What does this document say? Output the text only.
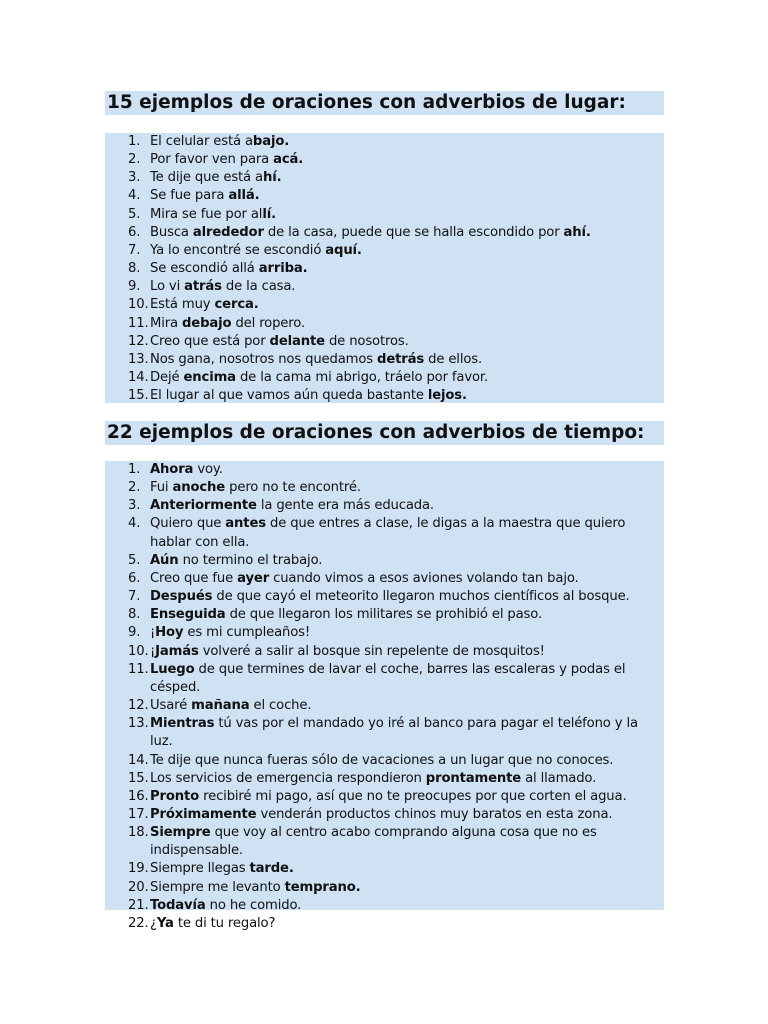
15 ejemplos de oraciones con adverbios de lugar:
1. El celular está abajo.
2. Por favor ven para acá.
3. Te dije que está ahí.
4. Se fue para allá.
5. Mira se fue por allí.
6. Busca alrededor de la casa, puede que se halla escondido por ahí.
7. Ya lo encontré se escondió aquí.
8. Se escondió allá arriba.
9. Lo vi atrás de la casa.
10. Está muy cerca.
11. Mira debajo del ropero.
12. Creo que está por delante de nosotros.
13. Nos gana, nosotros nos quedamos detrás de ellos.
14. Dejé encima de la cama mi abrigo, tráelo por favor.
15. El lugar al que vamos aún queda bastante lejos.
22 ejemplos de oraciones con adverbios de tiempo:
1. Ahora voy.
2. Fui anoche pero no te encontré.
3. Anteriormente la gente era más educada.
4. Quiero que antes de que entres a clase, le digas a la maestra que quiero hablar con ella.
5. Aún no termino el trabajo.
6. Creo que fue ayer cuando vimos a esos aviones volando tan bajo.
7. Después de que cayó el meteorito llegaron muchos científicos al bosque.
8. Enseguida de que llegaron los militares se prohibió el paso.
9. ¡Hoy es mi cumpleaños!
10. ¡Jamás volveré a salir al bosque sin repelente de mosquitos!
11. Luego de que termines de lavar el coche, barres las escaleras y podas el césped.
12. Usaré mañana el coche.
13. Mientras tú vas por el mandado yo iré al banco para pagar el teléfono y la luz.
14. Te dije que nunca fueras sólo de vacaciones a un lugar que no conoces.
15. Los servicios de emergencia respondieron prontamente al llamado.
16. Pronto recibiré mi pago, así que no te preocupes por que corten el agua.
17. Próximamente venderán productos chinos muy baratos en esta zona.
18. Siempre que voy al centro acabo comprando alguna cosa que no es indispensable.
19. Siempre llegas tarde.
20. Siempre me levanto temprano.
21. Todavía no he comido.
22. ¿Ya te di tu regalo?
